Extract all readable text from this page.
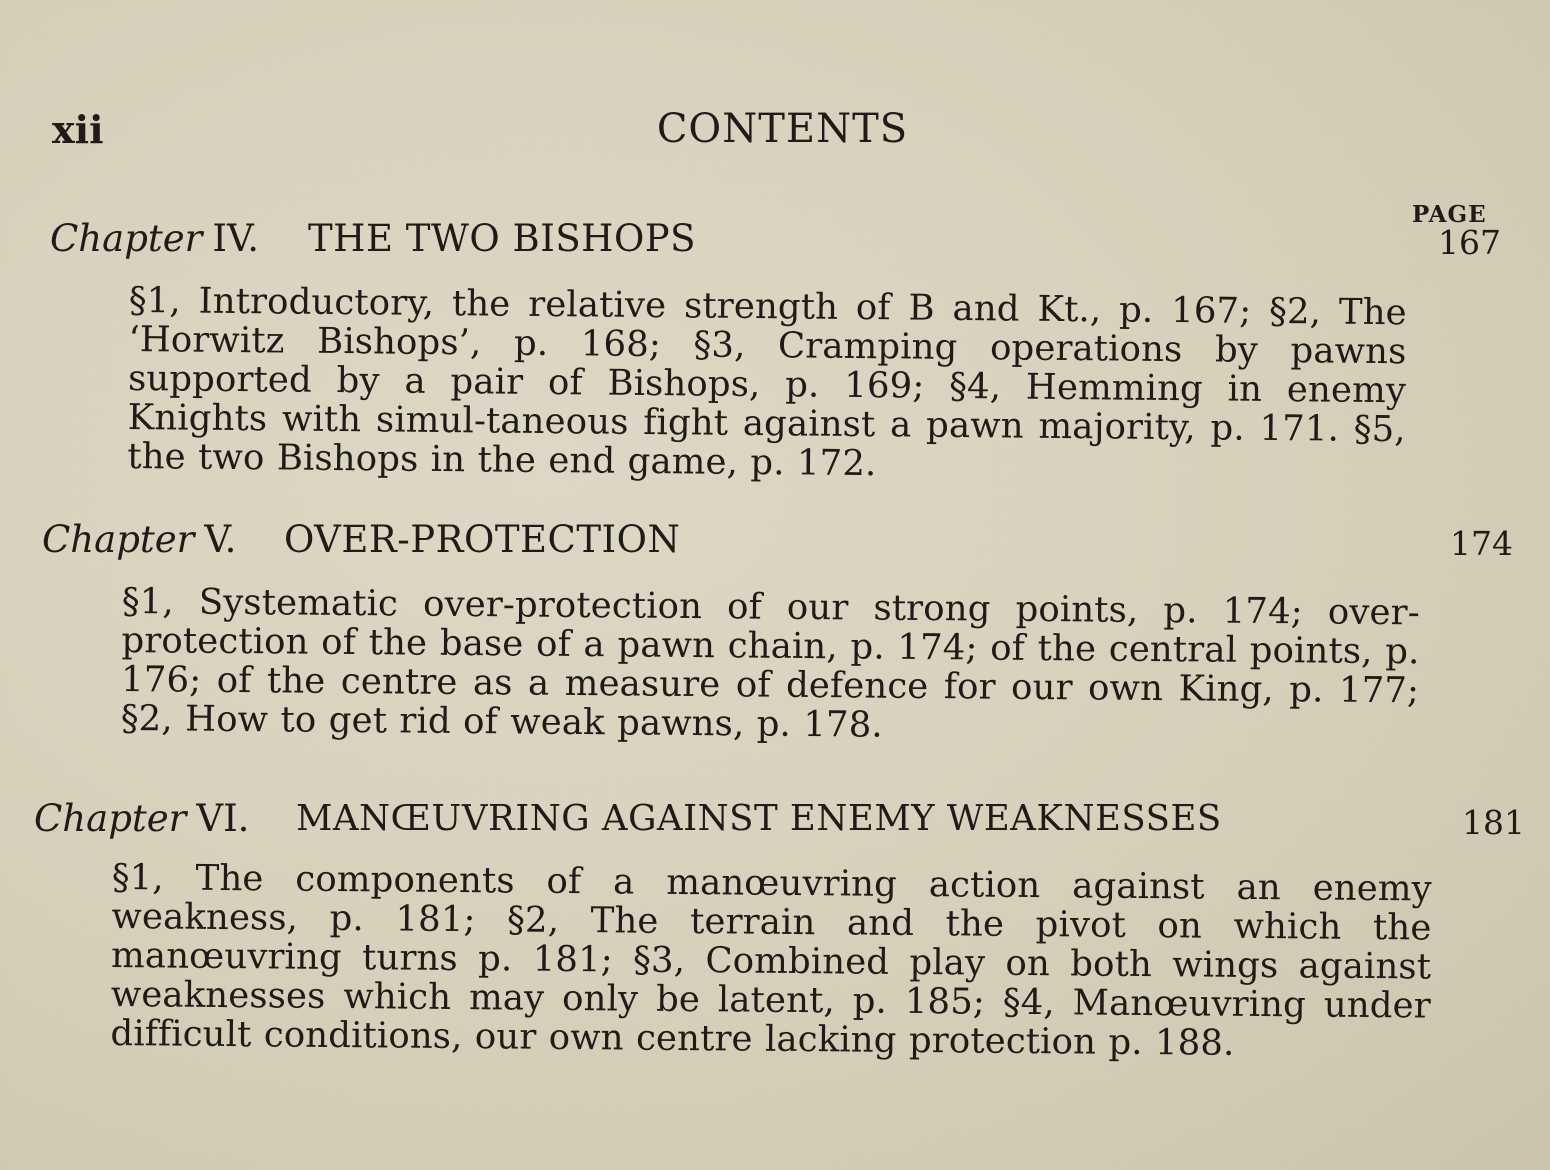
xii	CONTENTS
PAGE
Chapter IV. THE TWO BISHOPS	167
§1, Introductory, the relative strength of B and Kt., p. 167; §2, The ‘Horwitz Bishops’, p. 168; §3, Cramping operations by pawns supported by a pair of Bishops, p. 169; §4, Hemming in enemy Knights with simul-taneous fight against a pawn majority, p. 171. §5, the two Bishops in the end game, p. 172.
Chapter V. OVER-PROTECTION	174
§1, Systematic over-protection of our strong points, p. 174; over-protection of the base of a pawn chain, p. 174; of the central points, p. 176; of the centre as a measure of defence for our own King, p. 177; §2, How to get rid of weak pawns, p. 178.
Chapter VI. MANŒUVRING AGAINST ENEMY WEAKNESSES	181
§1, The components of a manœuvring action against an enemy weakness, p. 181; §2, The terrain and the pivot on which the manœuvring turns p. 181; §3, Combined play on both wings against weaknesses which may only be latent, p. 185; §4, Manœuvring under difficult conditions, our own centre lacking protection p. 188.
